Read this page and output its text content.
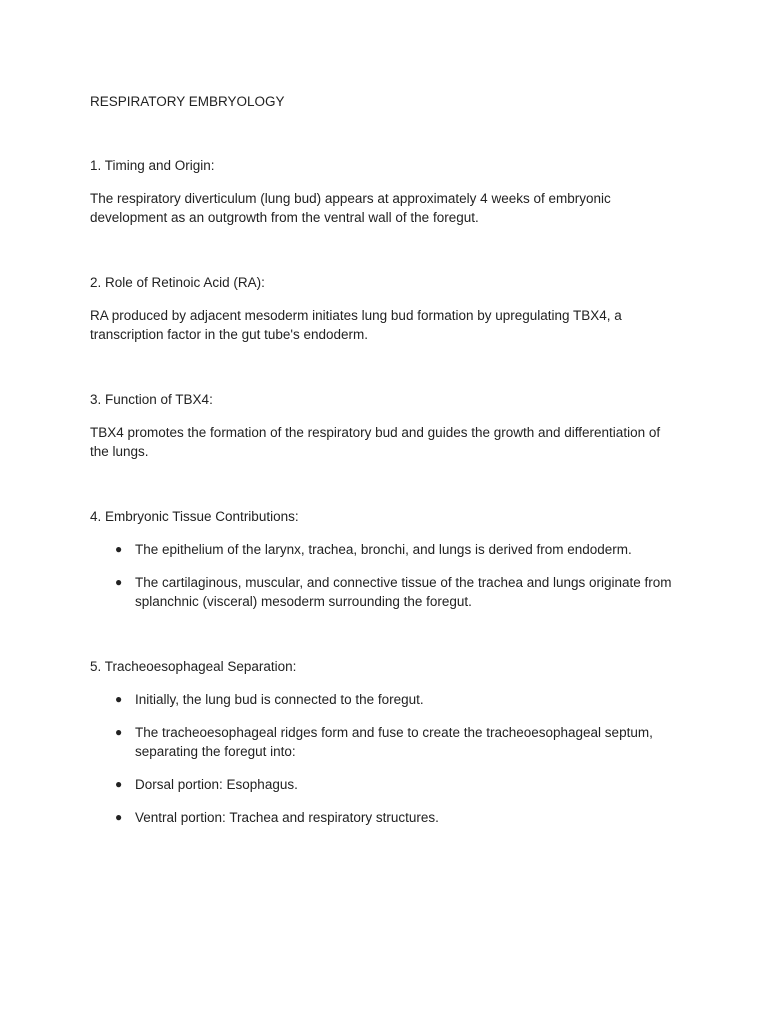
RESPIRATORY EMBRYOLOGY
1. Timing and Origin:

The respiratory diverticulum (lung bud) appears at approximately 4 weeks of embryonic development as an outgrowth from the ventral wall of the foregut.

2. Role of Retinoic Acid (RA):

RA produced by adjacent mesoderm initiates lung bud formation by upregulating TBX4, a transcription factor in the gut tube's endoderm.

3. Function of TBX4:

TBX4 promotes the formation of the respiratory bud and guides the growth and differentiation of the lungs.

4. Embryonic Tissue Contributions:
● The epithelium of the larynx, trachea, bronchi, and lungs is derived from endoderm.
● The cartilaginous, muscular, and connective tissue of the trachea and lungs originate from splanchnic (visceral) mesoderm surrounding the foregut.
5. Tracheoesophageal Separation:
● Initially, the lung bud is connected to the foregut.
● The tracheoesophageal ridges form and fuse to create the tracheoesophageal septum, separating the foregut into:
● Dorsal portion: Esophagus.
● Ventral portion: Trachea and respiratory structures.
